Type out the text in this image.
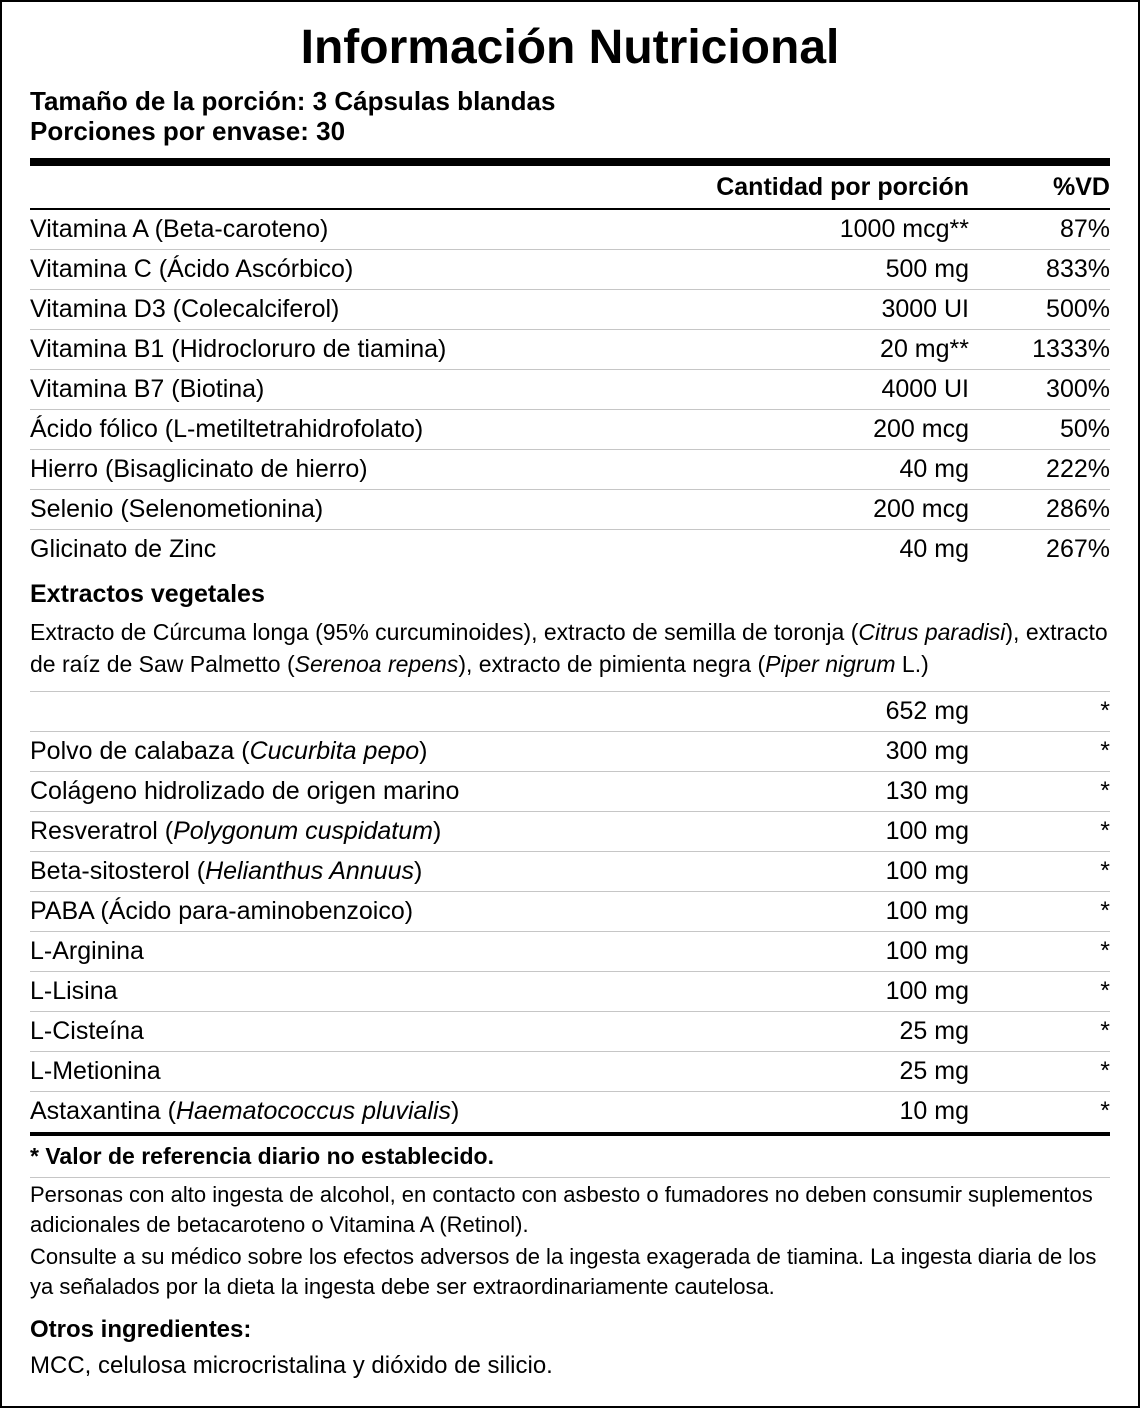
Información Nutricional
Tamaño de la porción: 3 Cápsulas blandas
Porciones por envase: 30
Cantidad por porción	%VD
Vitamina A (Beta-caroteno)	1000 mcg**	87%
Vitamina C (Ácido Ascórbico)	500 mg	833%
Vitamina D3 (Colecalciferol)	3000 UI	500%
Vitamina B1 (Hidrocloruro de tiamina)	20 mg**	1333%
Vitamina B7 (Biotina)	4000 UI	300%
Ácido fólico (L-metiltetrahidrofolato)	200 mcg	50%
Hierro (Bisaglicinato de hierro)	40 mg	222%
Selenio (Selenometionina)	200 mcg	286%
Glicinato de Zinc	40 mg	267%
Extractos vegetales
Extracto de Cúrcuma longa (95% curcuminoides), extracto de semilla de toronja (Citrus paradisi), extracto de raíz de Saw Palmetto (Serenoa repens), extracto de pimienta negra (Piper nigrum L.)
652 mg	*
Polvo de calabaza (Cucurbita pepo)	300 mg	*
Colágeno hidrolizado de origen marino	130 mg	*
Resveratrol (Polygonum cuspidatum)	100 mg	*
Beta-sitosterol (Helianthus Annuus)	100 mg	*
PABA (Ácido para-aminobenzoico)	100 mg	*
L-Arginina	100 mg	*
L-Lisina	100 mg	*
L-Cisteína	25 mg	*
L-Metionina	25 mg	*
Astaxantina (Haematococcus pluvialis)	10 mg	*
* Valor de referencia diario no establecido.

Personas con alto ingesta de alcohol, en contacto con asbesto o fumadores no deben consumir suplementos adicionales de betacaroteno o Vitamina A (Retinol).

Consulte a su médico sobre los efectos adversos de la ingesta exagerada de tiamina. La ingesta diaria de los ya señalados por la dieta la ingesta debe ser extraordinariamente cautelosa.

Otros ingredientes:
MCC, celulosa microcristalina y dióxido de silicio.
